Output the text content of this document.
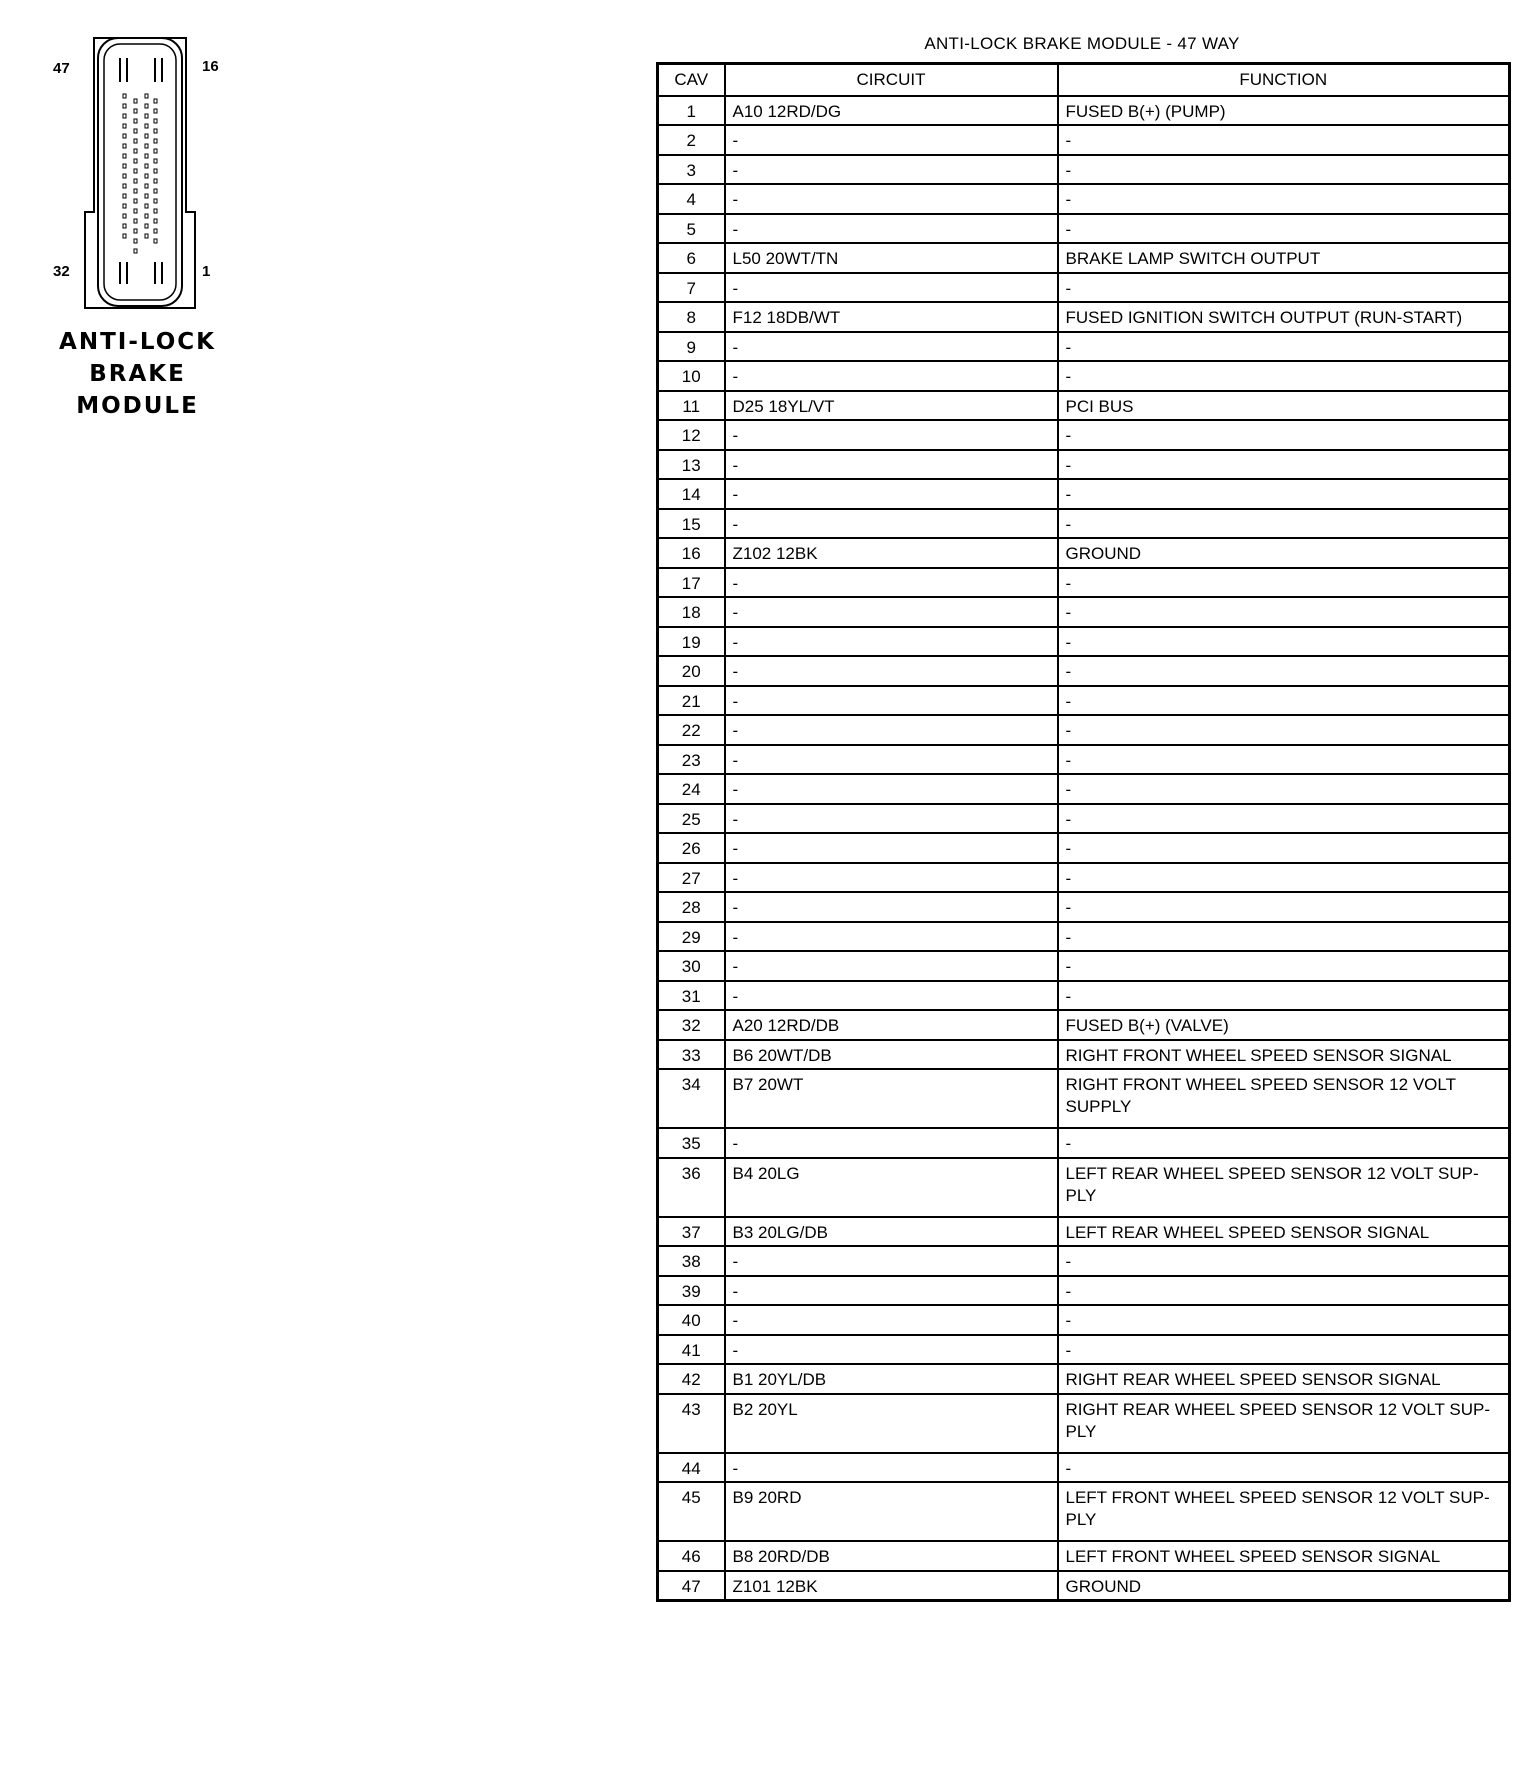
47	16
32	1
ANTI-LOCK
BRAKE
MODULE
ANTI-LOCK BRAKE MODULE - 47 WAY
CAV	CIRCUIT	FUNCTION
1	A10 12RD/DG	FUSED B(+) (PUMP)
2	-	-
3	-	-
4	-	-
5	-	-
6	L50 20WT/TN	BRAKE LAMP SWITCH OUTPUT
7	-	-
8	F12 18DB/WT	FUSED IGNITION SWITCH OUTPUT (RUN-START)
9	-	-
10	-	-
11	D25 18YL/VT	PCI BUS
12	-	-
13	-	-
14	-	-
15	-	-
16	Z102 12BK	GROUND
17	-	-
18	-	-
19	-	-
20	-	-
21	-	-
22	-	-
23	-	-
24	-	-
25	-	-
26	-	-
27	-	-
28	-	-
29	-	-
30	-	-
31	-	-
32	A20 12RD/DB	FUSED B(+) (VALVE)
33	B6 20WT/DB	RIGHT FRONT WHEEL SPEED SENSOR SIGNAL
34	B7 20WT	RIGHT FRONT WHEEL SPEED SENSOR 12 VOLT SUPPLY
35	-	-
36	B4 20LG	LEFT REAR WHEEL SPEED SENSOR 12 VOLT SUP-PLY
37	B3 20LG/DB	LEFT REAR WHEEL SPEED SENSOR SIGNAL
38	-	-
39	-	-
40	-	-
41	-	-
42	B1 20YL/DB	RIGHT REAR WHEEL SPEED SENSOR SIGNAL
43	B2 20YL	RIGHT REAR WHEEL SPEED SENSOR 12 VOLT SUP-PLY
44	-	-
45	B9 20RD	LEFT FRONT WHEEL SPEED SENSOR 12 VOLT SUP-PLY
46	B8 20RD/DB	LEFT FRONT WHEEL SPEED SENSOR SIGNAL
47	Z101 12BK	GROUND
